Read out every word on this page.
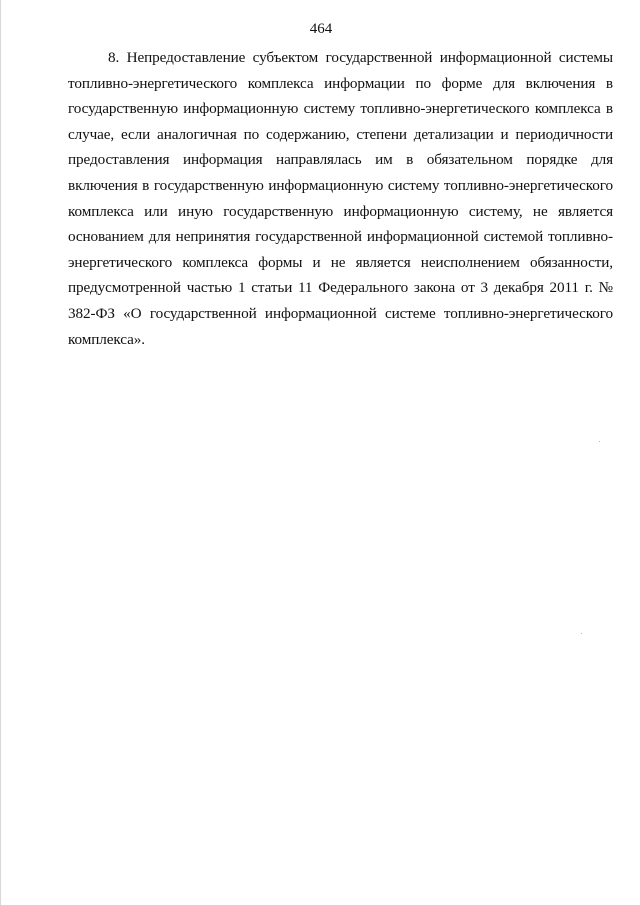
464

8. Непредоставление субъектом государственной информационной системы топливно-энергетического комплекса информации по форме для включения в государственную информационную систему топливно-энергетического комплекса в случае, если аналогичная по содержанию, степени детализации и периодичности предоставления информация направлялась им в обязательном порядке для включения в государственную информационную систему топливно-энергетического комплекса или иную государственную информационную систему, не является основанием для непринятия государственной информационной системой топливно-энергетического комплекса формы и не является неисполнением обязанности, предусмотренной частью 1 статьи 11 Федерального закона от 3 декабря 2011 г. № 382-ФЗ «О государственной информационной системе топливно-энергетического комплекса».
